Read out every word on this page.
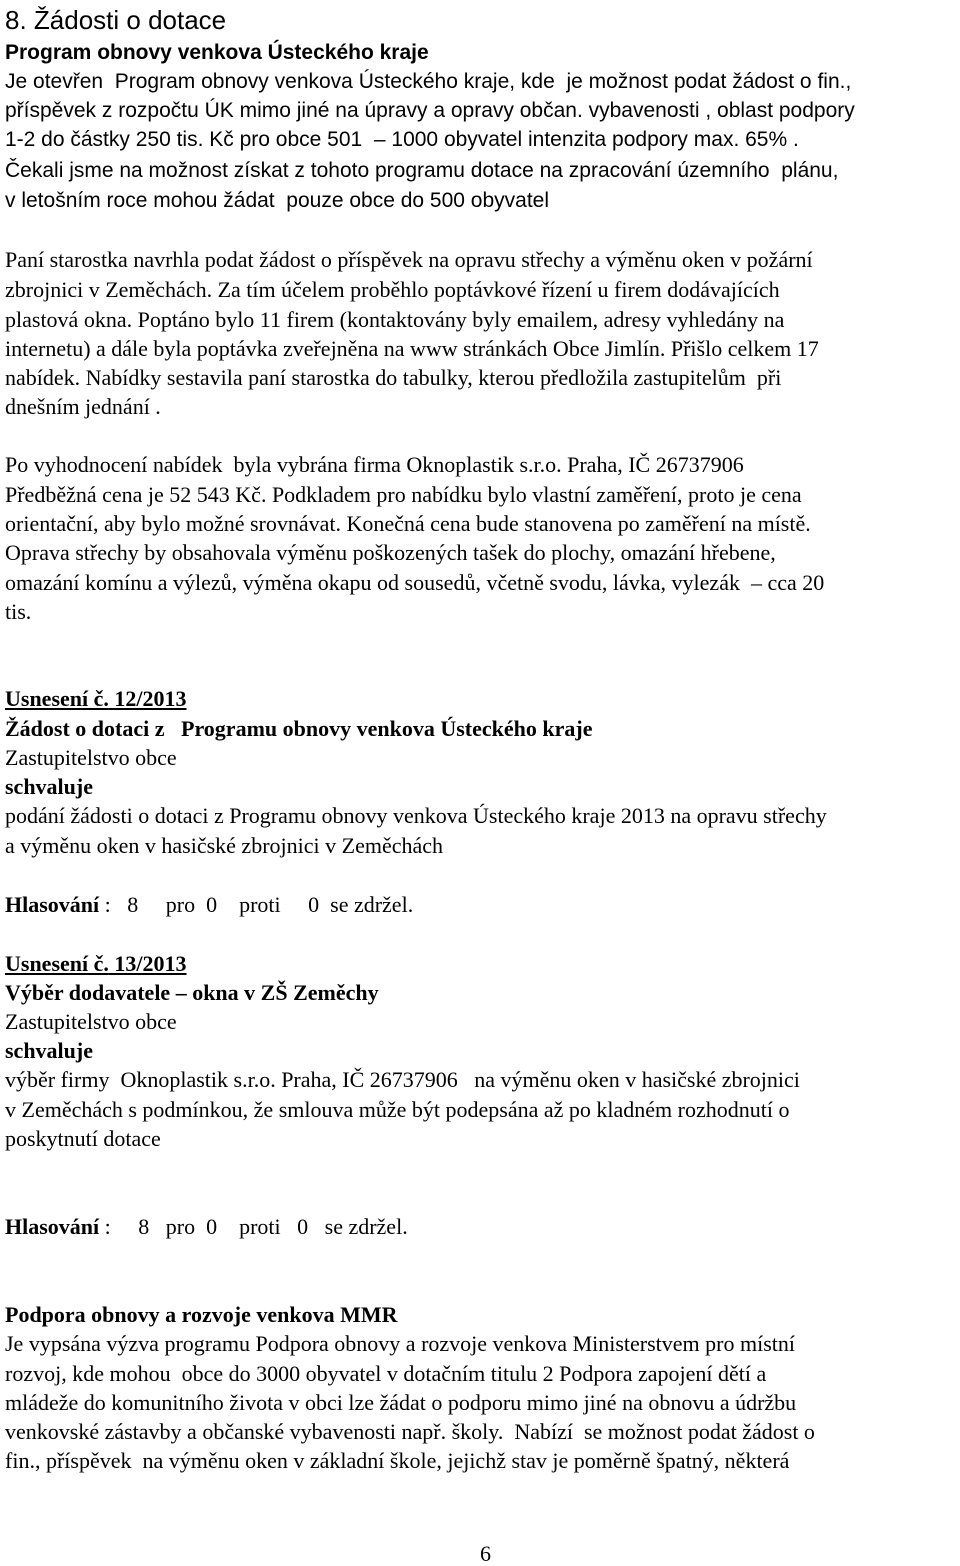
8. Žádosti o dotace
Program obnovy venkova Ústeckého kraje
Je otevřen  Program obnovy venkova Ústeckého kraje, kde  je možnost podat žádost o fin.,
příspěvek z rozpočtu ÚK mimo jiné na úpravy a opravy občan. vybavenosti , oblast podpory
1-2 do částky 250 tis. Kč pro obce 501  – 1000 obyvatel intenzita podpory max. 65% .
Čekali jsme na možnost získat z tohoto programu dotace na zpracování územního  plánu,
v letošním roce mohou žádat  pouze obce do 500 obyvatel
Paní starostka navrhla podat žádost o příspěvek na opravu střechy a výměnu oken v požární
zbrojnici v Zeměchách. Za tím účelem proběhlo poptávkové řízení u firem dodávajících
plastová okna. Poptáno bylo 11 firem (kontaktovány byly emailem, adresy vyhledány na
internetu) a dále byla poptávka zveřejněna na www stránkách Obce Jimlín. Přišlo celkem 17
nabídek. Nabídky sestavila paní starostka do tabulky, kterou předložila zastupitelům  při
dnešním jednání .
Po vyhodnocení nabídek  byla vybrána firma Oknoplastik s.r.o. Praha, IČ 26737906
Předběžná cena je 52 543 Kč. Podkladem pro nabídku bylo vlastní zaměření, proto je cena
orientační, aby bylo možné srovnávat. Konečná cena bude stanovena po zaměření na místě.
Oprava střechy by obsahovala výměnu poškozených tašek do plochy, omazání hřebene,
omazání komínu a výlezů, výměna okapu od sousedů, včetně svodu, lávka, vylezák  – cca 20
tis.
Usnesení č. 12/2013
Žádost o dotaci z   Programu obnovy venkova Ústeckého kraje
Zastupitelstvo obce
schvaluje
podání žádosti o dotaci z Programu obnovy venkova Ústeckého kraje 2013 na opravu střechy
a výměnu oken v hasičské zbrojnici v Zeměchách
Hlasování :   8     pro  0    proti     0  se zdržel.
Usnesení č. 13/2013
Výběr dodavatele – okna v ZŠ Zeměchy
Zastupitelstvo obce
schvaluje
výběr firmy  Oknoplastik s.r.o. Praha, IČ 26737906   na výměnu oken v hasičské zbrojnici
v Zeměchách s podmínkou, že smlouva může být podepsána až po kladném rozhodnutí o
poskytnutí dotace
Hlasování :     8   pro  0    proti   0   se zdržel.
Podpora obnovy a rozvoje venkova MMR
Je vypsána výzva programu Podpora obnovy a rozvoje venkova Ministerstvem pro místní
rozvoj, kde mohou  obce do 3000 obyvatel v dotačním titulu 2 Podpora zapojení dětí a
mládeže do komunitního života v obci lze žádat o podporu mimo jiné na obnovu a údržbu
venkovské zástavby a občanské vybavenosti např. školy.  Nabízí  se možnost podat žádost o
fin., příspěvek  na výměnu oken v základní škole, jejichž stav je poměrně špatný, některá
6
